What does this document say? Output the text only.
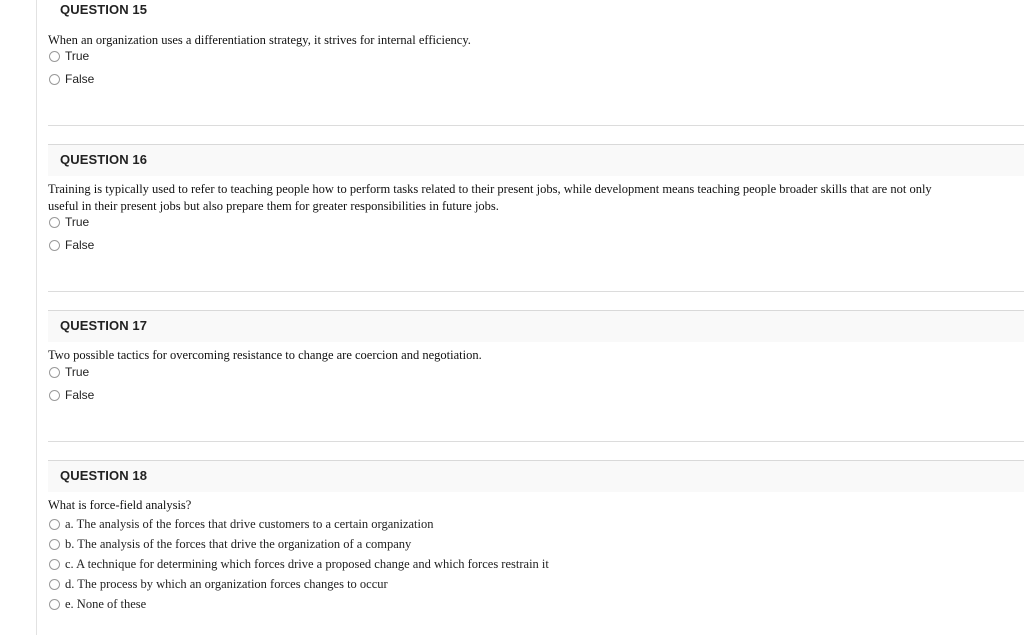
QUESTION 15
When an organization uses a differentiation strategy, it strives for internal efficiency.
True
False
QUESTION 16
Training is typically used to refer to teaching people how to perform tasks related to their present jobs, while development means teaching people broader skills that are not only useful in their present jobs but also prepare them for greater responsibilities in future jobs.
True
False
QUESTION 17
Two possible tactics for overcoming resistance to change are coercion and negotiation.
True
False
QUESTION 18
What is force-field analysis?
a. The analysis of the forces that drive customers to a certain organization
b. The analysis of the forces that drive the organization of a company
c. A technique for determining which forces drive a proposed change and which forces restrain it
d. The process by which an organization forces changes to occur
e. None of these
